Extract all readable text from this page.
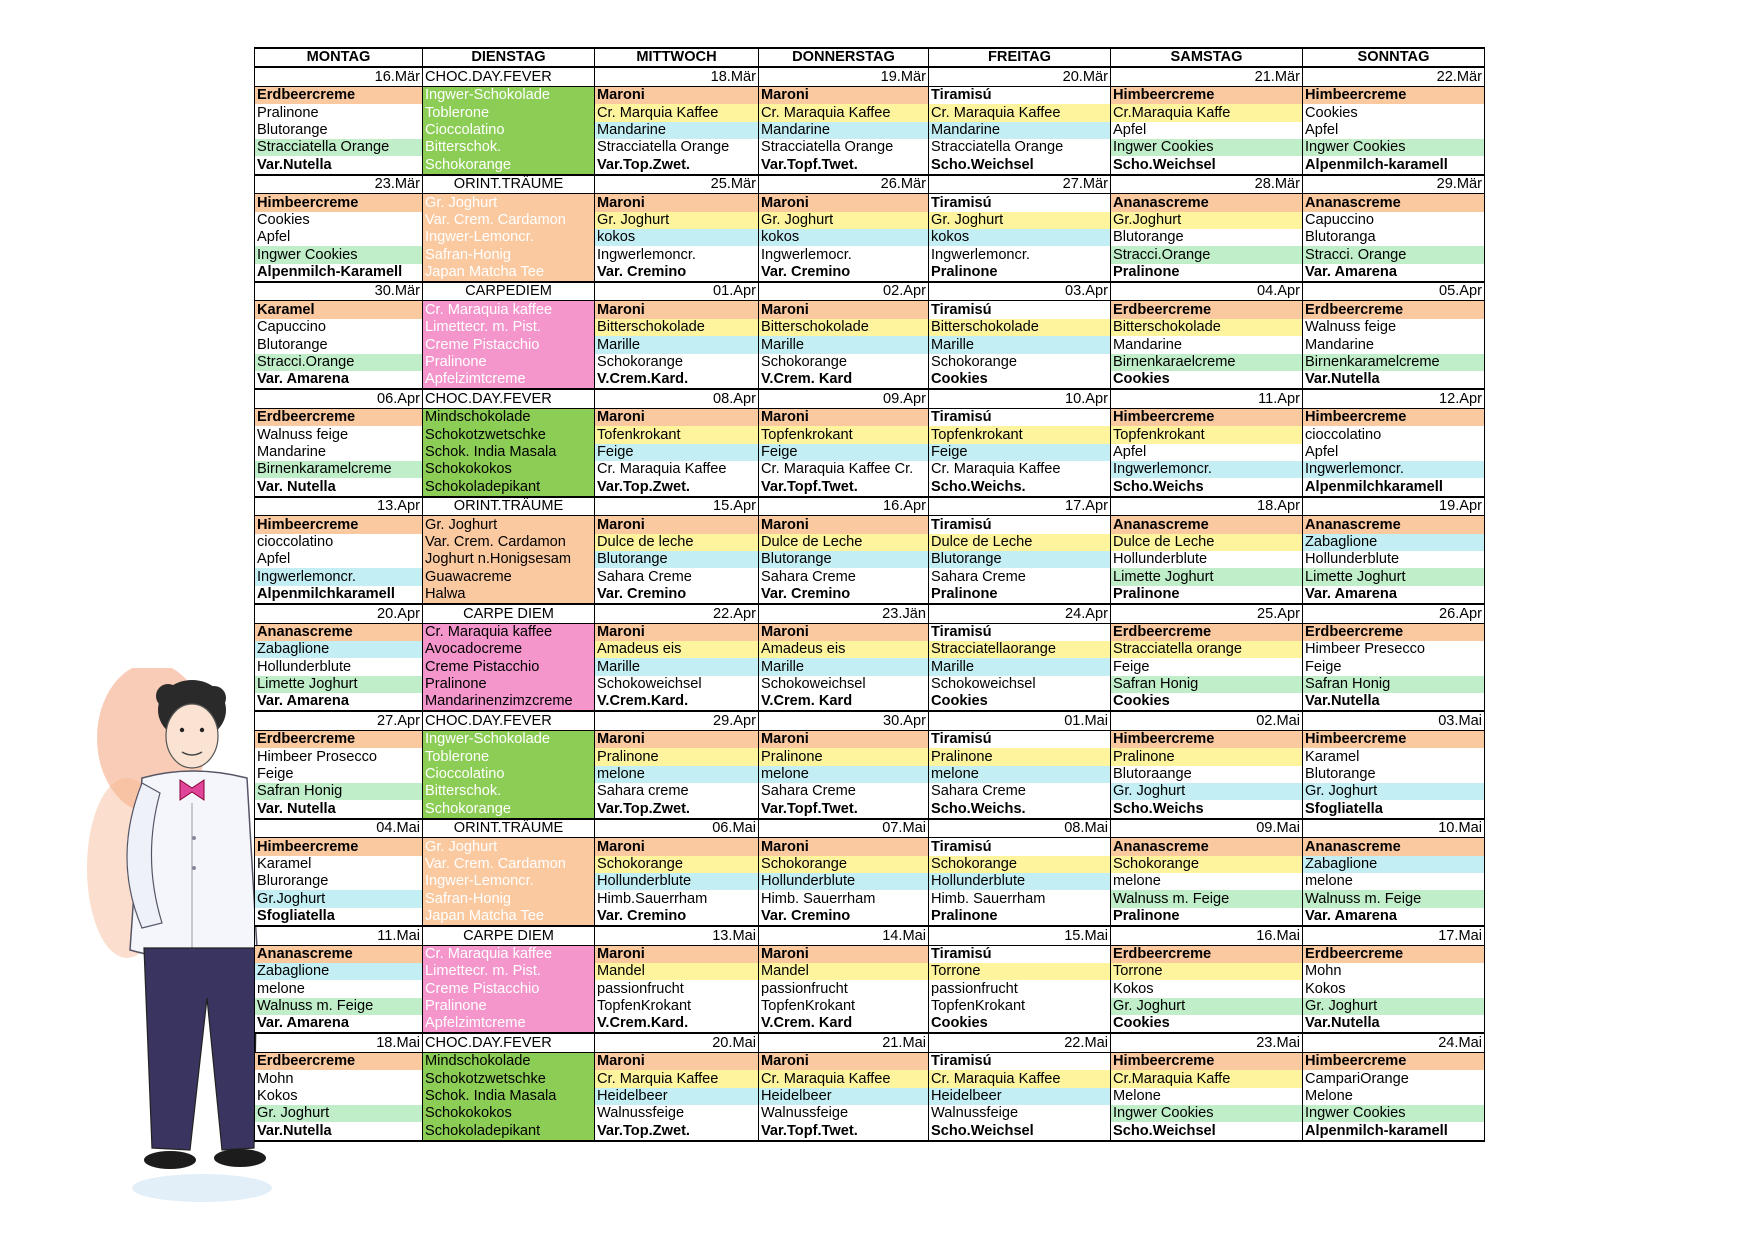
MONTAG	DIENSTAG	MITTWOCH	DONNERSTAG	FREITAG	SAMSTAG	SONNTAG
16.Mär	CHOC.DAY.FEVER	18.Mär	19.Mär	20.Mär	21.Mär	22.Mär
Erdbeercreme	Ingwer-Schokolade	Maroni	Maroni	Tiramisú	Himbeercreme	Himbeercreme
Pralinone	Toblerone	Cr. Marquia Kaffee	Cr. Maraquia Kaffee	Cr. Maraquia Kaffee	Cr.Maraquia Kaffe	Cookies
Blutorange	Cioccolatino	Mandarine	Mandarine	Mandarine	Apfel	Apfel
Stracciatella Orange	Bitterschok.	Stracciatella Orange	Stracciatella Orange	Stracciatella Orange	Ingwer Cookies	Ingwer Cookies
Var.Nutella	Schokorange	Var.Top.Zwet.	Var.Topf.Twet.	Scho.Weichsel	Scho.Weichsel	Alpenmilch-karamell
23.Mär	ORINT.TRÄUME	25.Mär	26.Mär	27.Mär	28.Mär	29.Mär
Himbeercreme	Gr. Joghurt	Maroni	Maroni	Tiramisú	Ananascreme	Ananascreme
Cookies	Var. Crem. Cardamon	Gr. Joghurt	Gr. Joghurt	Gr. Joghurt	Gr.Joghurt	Capuccino
Apfel	Ingwer-Lemoncr.	kokos	kokos	kokos	Blutorange	Blutoranga
Ingwer Cookies	Safran-Honig	Ingwerlemoncr.	Ingwerlemocr.	Ingwerlemoncr.	Stracci.Orange	Stracci. Orange
Alpenmilch-Karamell	Japan Matcha Tee	Var. Cremino	Var. Cremino	Pralinone	Pralinone	Var. Amarena
30.Mär	CARPEDIEM	01.Apr	02.Apr	03.Apr	04.Apr	05.Apr
Karamel	Cr. Maraquia kaffee	Maroni	Maroni	Tiramisú	Erdbeercreme	Erdbeercreme
Capuccino	Limettecr. m. Pist.	Bitterschokolade	Bitterschokolade	Bitterschokolade	Bitterschokolade	Walnuss feige
Blutorange	Creme Pistacchio	Marille	Marille	Marille	Mandarine	Mandarine
Stracci.Orange	Pralinone	Schokorange	Schokorange	Schokorange	Birnenkaraelcreme	Birnenkaramelcreme
Var. Amarena	Apfelzimtcreme	V.Crem.Kard.	V.Crem. Kard	Cookies	Cookies	Var.Nutella
06.Apr	CHOC.DAY.FEVER	08.Apr	09.Apr	10.Apr	11.Apr	12.Apr
Erdbeercreme	Mindschokolade	Maroni	Maroni	Tiramisú	Himbeercreme	Himbeercreme
Walnuss feige	Schokotzwetschke	Tofenkrokant	Topfenkrokant	Topfenkrokant	Topfenkrokant	cioccolatino
Mandarine	Schok. India Masala	Feige	Feige	Feige	Apfel	Apfel
Birnenkaramelcreme	Schokokokos	Cr. Maraquia Kaffee	Cr. Maraquia Kaffee Cr.	Cr. Maraquia Kaffee	Ingwerlemoncr.	Ingwerlemoncr.
Var. Nutella	Schokoladepikant	Var.Top.Zwet.	Var.Topf.Twet.	Scho.Weichs.	Scho.Weichs	Alpenmilchkaramell
13.Apr	ORINT.TRÄUME	15.Apr	16.Apr	17.Apr	18.Apr	19.Apr
Himbeercreme	Gr. Joghurt	Maroni	Maroni	Tiramisú	Ananascreme	Ananascreme
cioccolatino	Var. Crem. Cardamon	Dulce de leche	Dulce de Leche	Dulce de Leche	Dulce de Leche	Zabaglione
Apfel	Joghurt n.Honigsesam	Blutorange	Blutorange	Blutorange	Hollunderblute	Hollunderblute
Ingwerlemoncr.	Guawacreme	Sahara Creme	Sahara Creme	Sahara Creme	Limette Joghurt	Limette Joghurt
Alpenmilchkaramell	Halwa	Var. Cremino	Var. Cremino	Pralinone	Pralinone	Var. Amarena
20.Apr	CARPE DIEM	22.Apr	23.Jän	24.Apr	25.Apr	26.Apr
Ananascreme	Cr. Maraquia kaffee	Maroni	Maroni	Tiramisú	Erdbeercreme	Erdbeercreme
Zabaglione	Avocadocreme	Amadeus eis	Amadeus eis	Stracciatellaorange	Stracciatella orange	Himbeer Presecco
Hollunderblute	Creme Pistacchio	Marille	Marille	Marille	Feige	Feige
Limette Joghurt	Pralinone	Schokoweichsel	Schokoweichsel	Schokoweichsel	Safran Honig	Safran Honig
Var. Amarena	Mandarinenzimzcreme	V.Crem.Kard.	V.Crem. Kard	Cookies	Cookies	Var.Nutella
27.Apr	CHOC.DAY.FEVER	29.Apr	30.Apr	01.Mai	02.Mai	03.Mai
Erdbeercreme	Ingwer-Schokolade	Maroni	Maroni	Tiramisú	Himbeercreme	Himbeercreme
Himbeer Prosecco	Toblerone	Pralinone	Pralinone	Pralinone	Pralinone	Karamel
Feige	Cioccolatino	melone	melone	melone	Blutoraange	Blutorange
Safran Honig	Bitterschok.	Sahara creme	Sahara Creme	Sahara Creme	Gr. Joghurt	Gr. Joghurt
Var. Nutella	Schokorange	Var.Top.Zwet.	Var.Topf.Twet.	Scho.Weichs.	Scho.Weichs	Sfogliatella
04.Mai	ORINT.TRÄUME	06.Mai	07.Mai	08.Mai	09.Mai	10.Mai
Himbeercreme	Gr. Joghurt	Maroni	Maroni	Tiramisú	Ananascreme	Ananascreme
Karamel	Var. Crem. Cardamon	Schokorange	Schokorange	Schokorange	Schokorange	Zabaglione
Blurorange	Ingwer-Lemoncr.	Hollunderblute	Hollunderblute	Hollunderblute	melone	melone
Gr.Joghurt	Safran-Honig	Himb.Sauerrham	Himb. Sauerrham	Himb. Sauerrham	Walnuss m. Feige	Walnuss m. Feige
Sfogliatella	Japan Matcha Tee	Var. Cremino	Var. Cremino	Pralinone	Pralinone	Var. Amarena
11.Mai	CARPE DIEM	13.Mai	14.Mai	15.Mai	16.Mai	17.Mai
Ananascreme	Cr. Maraquia kaffee	Maroni	Maroni	Tiramisú	Erdbeercreme	Erdbeercreme
Zabaglione	Limettecr. m. Pist.	Mandel	Mandel	Torrone	Torrone	Mohn
melone	Creme Pistacchio	passionfrucht	passionfrucht	passionfrucht	Kokos	Kokos
Walnuss m. Feige	Pralinone	TopfenKrokant	TopfenKrokant	TopfenKrokant	Gr. Joghurt	Gr. Joghurt
Var. Amarena	Apfelzimtcreme	V.Crem.Kard.	V.Crem. Kard	Cookies	Cookies	Var.Nutella
18.Mai	CHOC.DAY.FEVER	20.Mai	21.Mai	22.Mai	23.Mai	24.Mai
Erdbeercreme	Mindschokolade	Maroni	Maroni	Tiramisú	Himbeercreme	Himbeercreme
Mohn	Schokotzwetschke	Cr. Marquia Kaffee	Cr. Maraquia Kaffee	Cr. Maraquia Kaffee	Cr.Maraquia Kaffe	CampariOrange
Kokos	Schok. India Masala	Heidelbeer	Heidelbeer	Heidelbeer	Melone	Melone
Gr. Joghurt	Schokokokos	Walnussfeige	Walnussfeige	Walnussfeige	Ingwer Cookies	Ingwer Cookies
Var.Nutella	Schokoladepikant	Var.Top.Zwet.	Var.Topf.Twet.	Scho.Weichsel	Scho.Weichsel	Alpenmilch-karamell
